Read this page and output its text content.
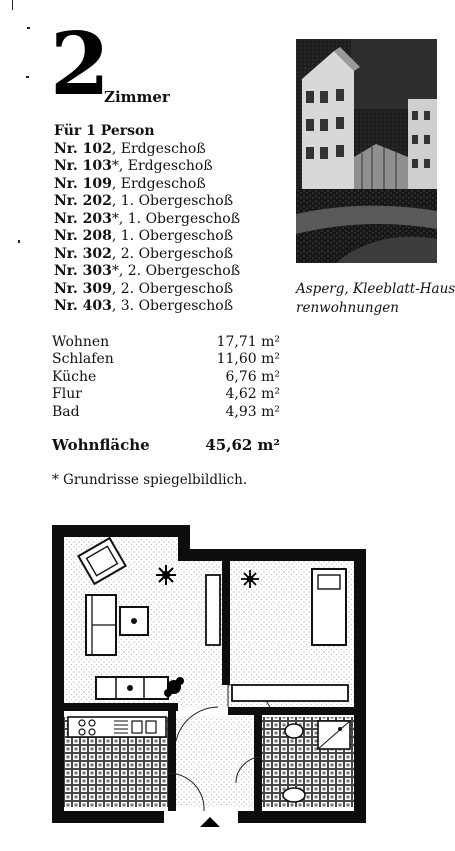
2
Zimmer
Für 1 Person
Nr. 102, Erdgeschoß
Nr. 103*, Erdgeschoß
Nr. 109, Erdgeschoß
Nr. 202, 1. Obergeschoß
Nr. 203*, 1. Obergeschoß
Nr. 208, 1. Obergeschoß
Nr. 302, 2. Obergeschoß
Nr. 303*, 2. Obergeschoß
Nr. 309, 2. Obergeschoß
Nr. 403, 3. Obergeschoß
Wohnen	17,71 m²
Schlafen	11,60 m²
Küche	6,76 m²
Flur	4,62 m²
Bad	4,93 m²
Wohnfläche	45,62 m²
* Grundrisse spiegelbildlich.
Asperg, Kleeblatt-Haus
renwohnungen
